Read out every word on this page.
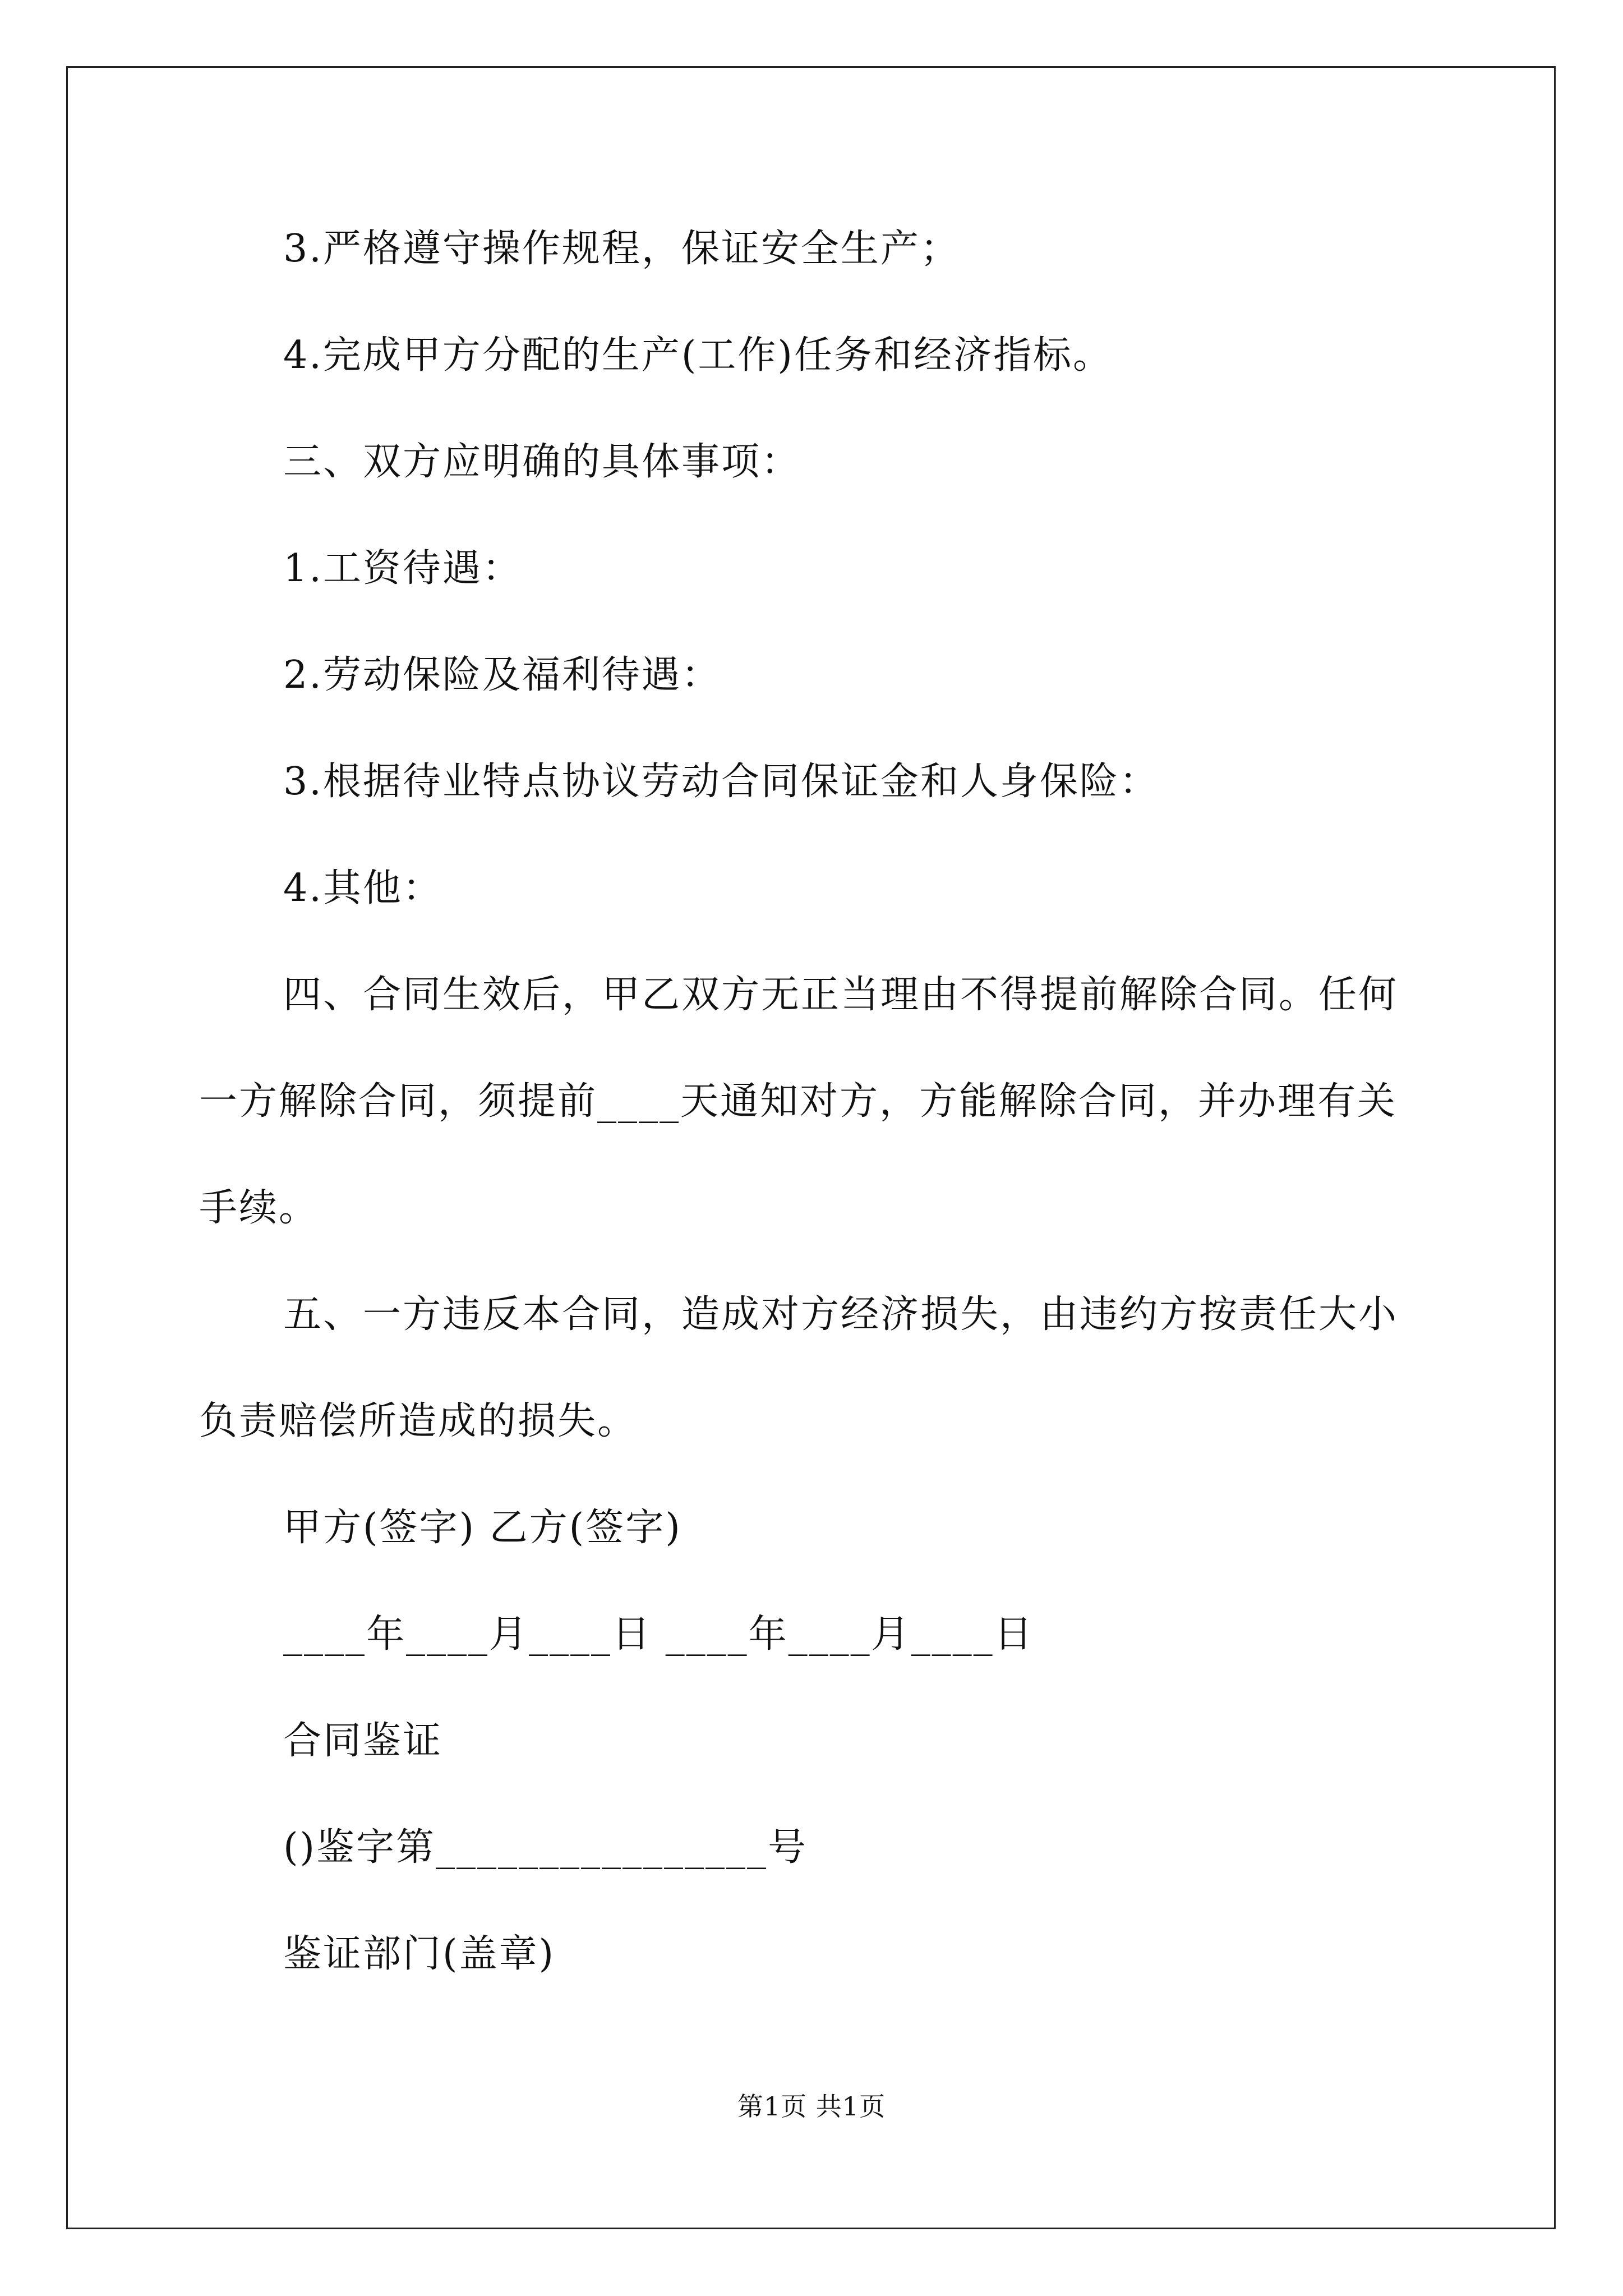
3.严格遵守操作规程，保证安全生产；
4.完成甲方分配的生产(工作)任务和经济指标。
三、双方应明确的具体事项：
1.工资待遇：
2.劳动保险及福利待遇：
3.根据待业特点协议劳动合同保证金和人身保险：
4.其他：
四、合同生效后，甲乙双方无正当理由不得提前解除合同。任何
一方解除合同，须提前____天通知对方，方能解除合同，并办理有关
手续。
五、一方违反本合同，造成对方经济损失，由违约方按责任大小
负责赔偿所造成的损失。
甲方(签字) 乙方(签字)
____年____月____日 ____年____月____日
合同鉴证
()鉴字第________________号
鉴证部门(盖章)
第1页 共1页
